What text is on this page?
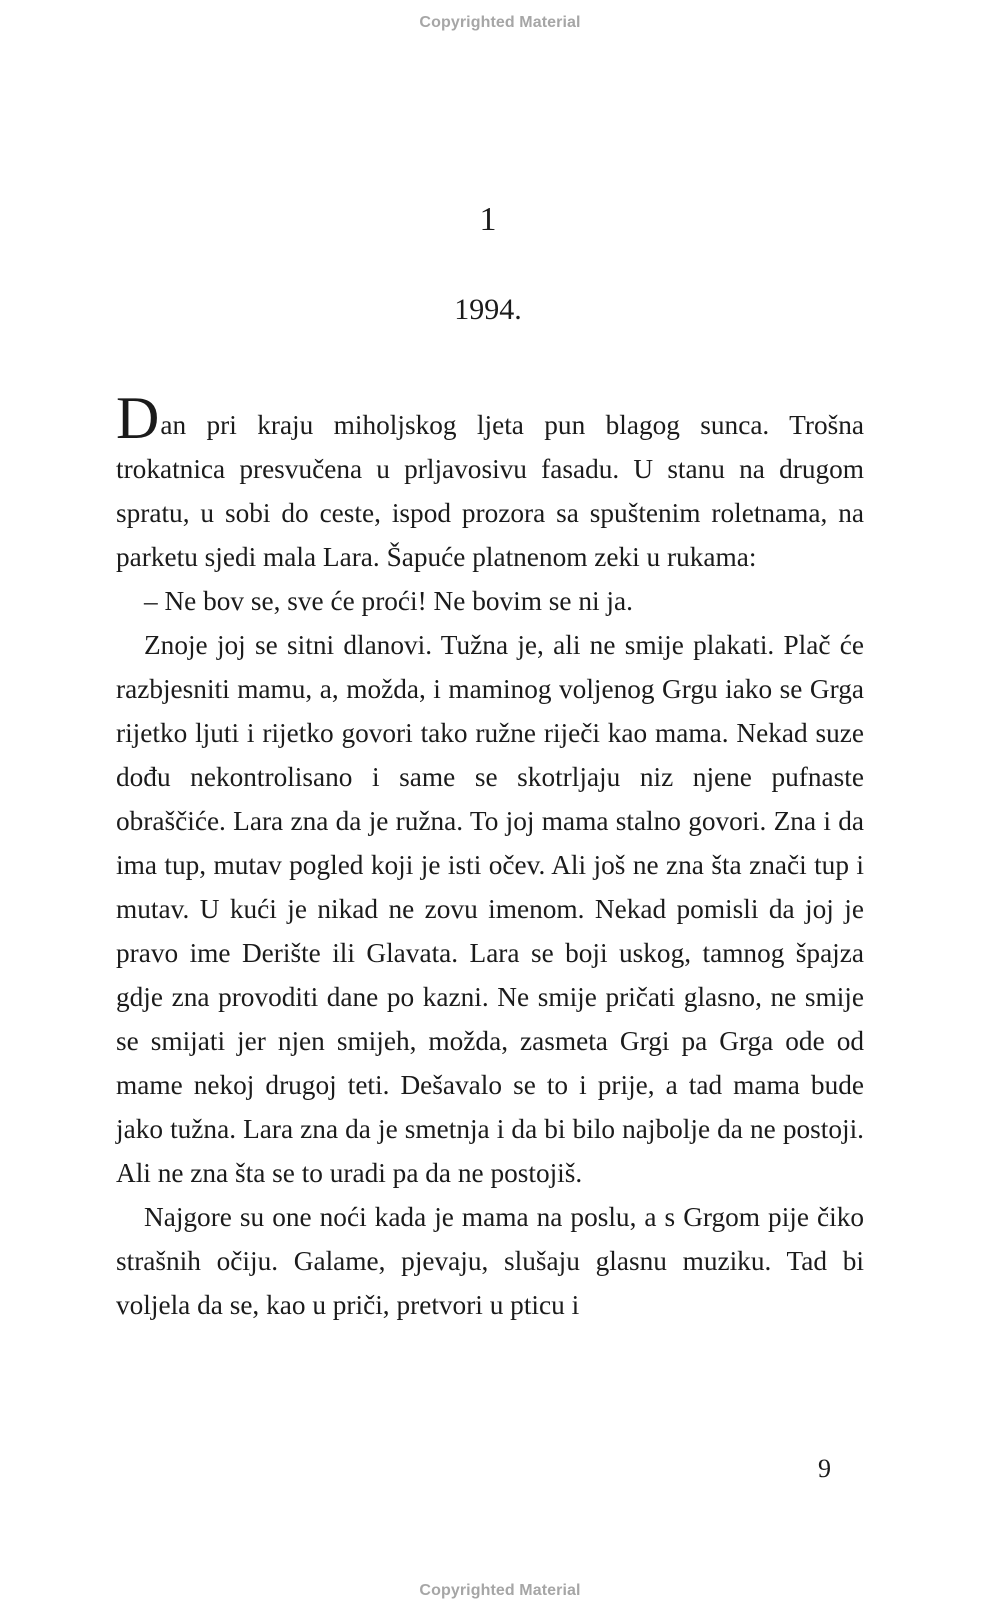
Copyrighted Material
1
1994.

Dan pri kraju miholjskog ljeta pun blagog sunca. Trošna trokatnica presvučena u prljavosivu fasadu. U stanu na drugom spratu, u sobi do ceste, ispod prozora sa spuštenim roletnama, na parketu sjedi mala Lara. Šapuće platnenom zeki u rukama:

– Ne bov se, sve će proći! Ne bovim se ni ja.

Znoje joj se sitni dlanovi. Tužna je, ali ne smije plakati. Plač će razbjesniti mamu, a, možda, i maminog voljenog Grgu iako se Grga rijetko ljuti i rijetko govori tako ružne riječi kao mama. Nekad suze dođu nekontrolisano i same se skotrljaju niz njene pufnaste obraščiće. Lara zna da je ružna. To joj mama stalno govori. Zna i da ima tup, mutav pogled koji je isti očev. Ali još ne zna šta znači tup i mutav. U kući je nikad ne zovu imenom. Nekad pomisli da joj je pravo ime Derište ili Glavata. Lara se boji uskog, tamnog špajza gdje zna provoditi dane po kazni. Ne smije pričati glasno, ne smije se smijati jer njen smijeh, možda, zasmeta Grgi pa Grga ode od mame nekoj drugoj teti. Dešavalo se to i prije, a tad mama bude jako tužna. Lara zna da je smetnja i da bi bilo najbolje da ne postoji. Ali ne zna šta se to uradi pa da ne postojiš.

Najgore su one noći kada je mama na poslu, a s Grgom pije čiko strašnih očiju. Galame, pjevaju, slušaju glasnu muziku. Tad bi voljela da se, kao u priči, pretvori u pticu i

9
Copyrighted Material
